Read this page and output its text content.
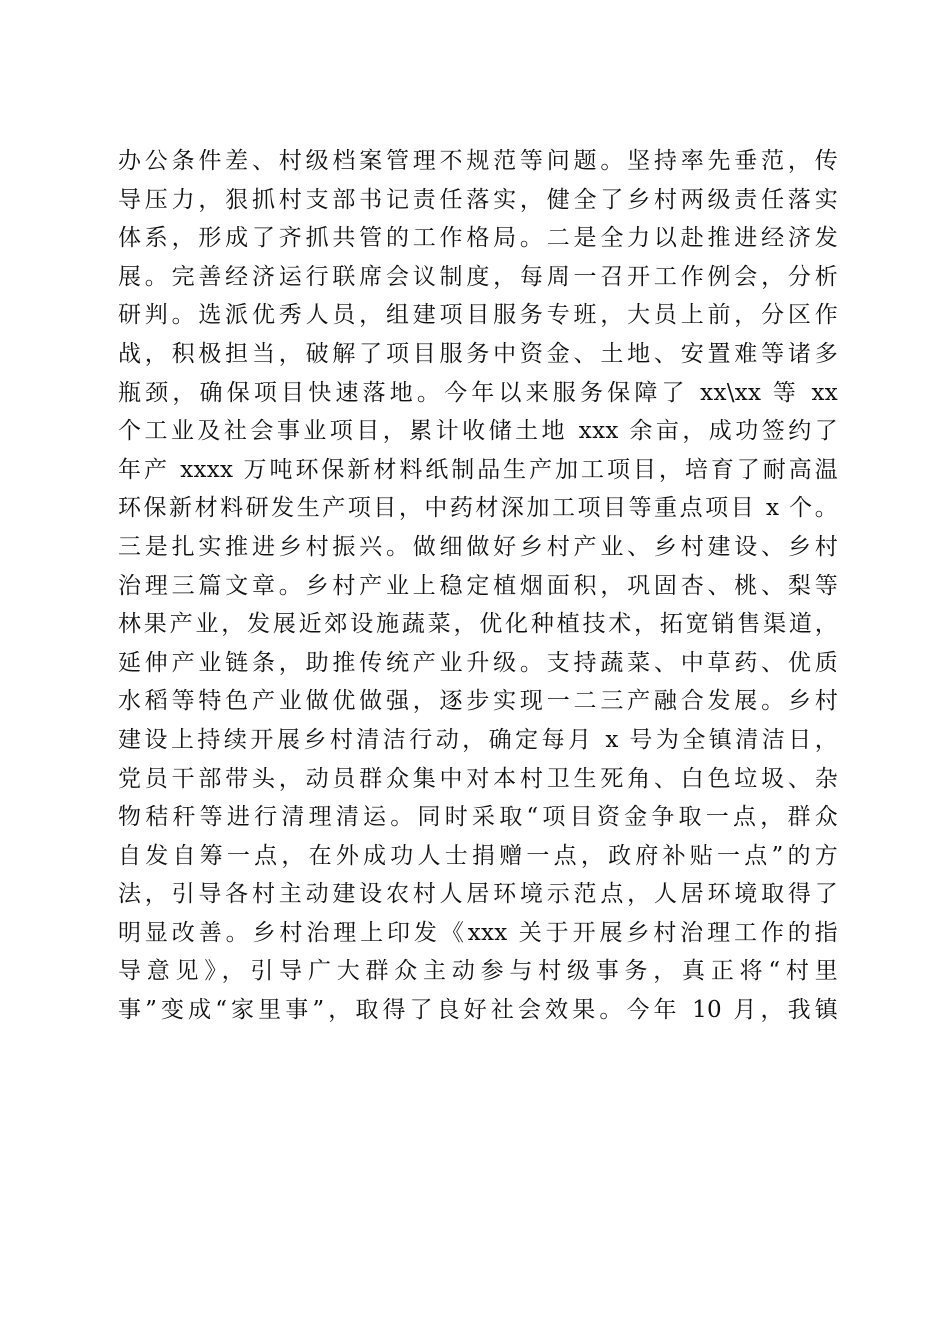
办公条件差、村级档案管理不规范等问题。坚持率先垂范，传
导压力，狠抓村支部书记责任落实，健全了乡村两级责任落实
体系，形成了齐抓共管的工作格局。二是全力以赴推进经济发
展。完善经济运行联席会议制度，每周一召开工作例会，分析
研判。选派优秀人员，组建项目服务专班，大员上前，分区作
战，积极担当，破解了项目服务中资金、土地、安置难等诸多
瓶颈，确保项目快速落地。今年以来服务保障了 xx\xx 等 xx
个工业及社会事业项目，累计收储土地 xxx 余亩，成功签约了
年产 xxxx 万吨环保新材料纸制品生产加工项目，培育了耐高温
环保新材料研发生产项目，中药材深加工项目等重点项目 x 个。
三是扎实推进乡村振兴。做细做好乡村产业、乡村建设、乡村
治理三篇文章。乡村产业上稳定植烟面积，巩固杏、桃、梨等
林果产业，发展近郊设施蔬菜，优化种植技术，拓宽销售渠道，
延伸产业链条，助推传统产业升级。支持蔬菜、中草药、优质
水稻等特色产业做优做强，逐步实现一二三产融合发展。乡村
建设上持续开展乡村清洁行动，确定每月 x 号为全镇清洁日，
党员干部带头，动员群众集中对本村卫生死角、白色垃圾、杂
物秸秆等进行清理清运。同时采取“项目资金争取一点，群众
自发自筹一点，在外成功人士捐赠一点，政府补贴一点”的方
法，引导各村主动建设农村人居环境示范点，人居环境取得了
明显改善。乡村治理上印发《xxx 关于开展乡村治理工作的指
导意见》，引导广大群众主动参与村级事务，真正将“村里
事”变成“家里事”，取得了良好社会效果。今年 10 月，我镇
